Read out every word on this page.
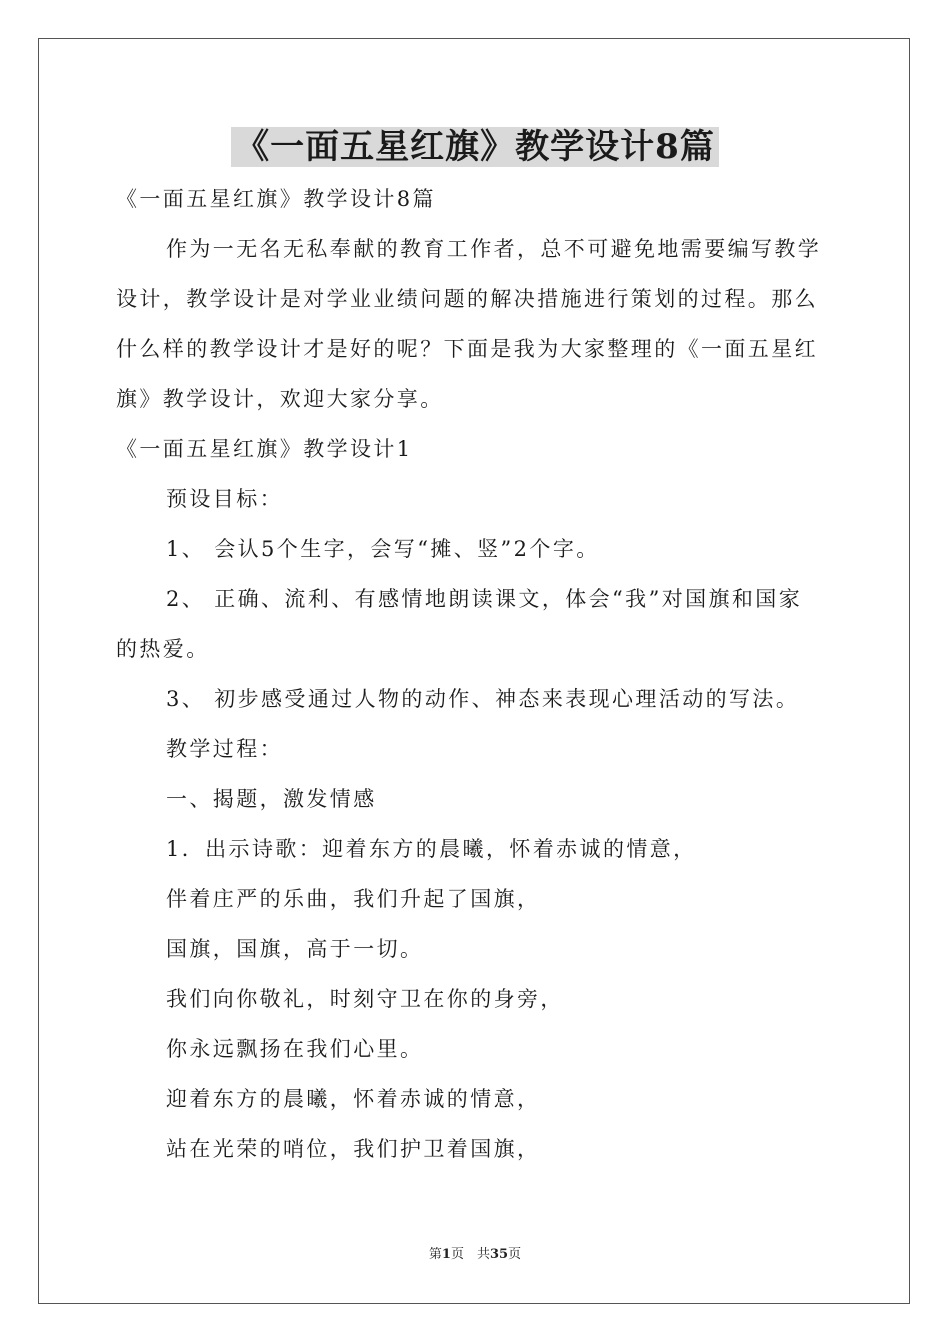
《一面五星红旗》教学设计8篇
《一面五星红旗》教学设计8篇
作为一无名无私奉献的教育工作者，总不可避免地需要编写教学
设计，教学设计是对学业业绩问题的解决措施进行策划的过程。那么
什么样的教学设计才是好的呢？下面是我为大家整理的《一面五星红
旗》教学设计，欢迎大家分享。
《一面五星红旗》教学设计1
预设目标：
1、 会认5个生字，会写“摊、竖”2个字。
2、 正确、流利、有感情地朗读课文，体会“我”对国旗和国家
的热爱。
3、 初步感受通过人物的动作、神态来表现心理活动的写法。
教学过程：
一、揭题，激发情感
1．出示诗歌：迎着东方的晨曦，怀着赤诚的情意，
伴着庄严的乐曲，我们升起了国旗，
国旗，国旗，高于一切。
我们向你敬礼，时刻守卫在你的身旁，
你永远飘扬在我们心里。
迎着东方的晨曦，怀着赤诚的情意，
站在光荣的哨位，我们护卫着国旗，
第1页　共35页
